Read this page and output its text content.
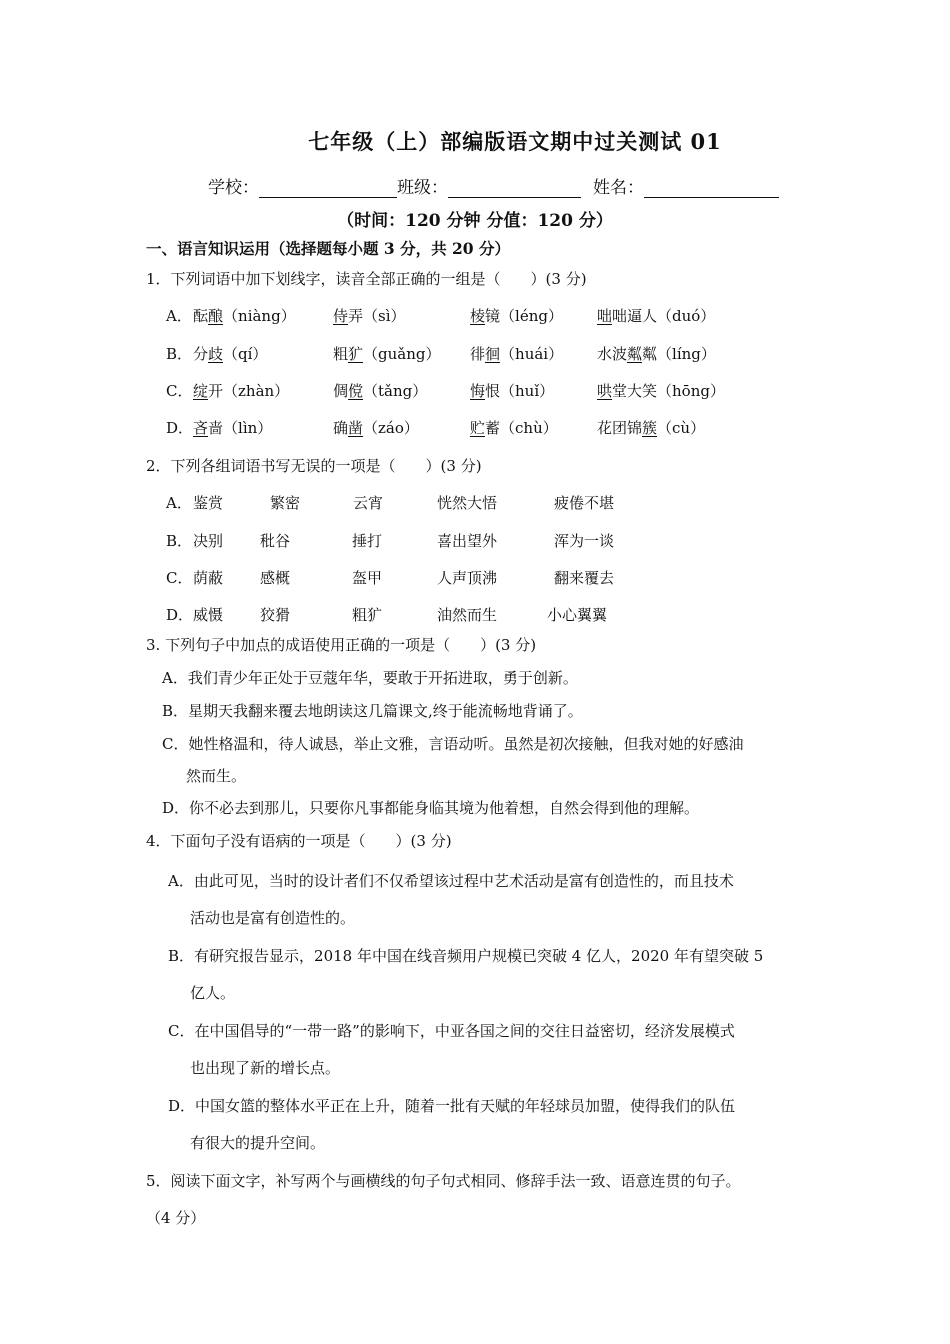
七年级（上）部编版语文期中过关测试 01
学校：	班级：	姓名：
（时间：120 分钟 分值：120 分）
一、语言知识运用（选择题每小题 3 分，共 20 分）
1．下列词语中加下划线字，读音全部正确的一组是（　　）(3 分)
A． 酝酿（niàng） 侍弄（sì）	棱镜（léng） 咄咄逼人（duó）
B． 分歧（qí）	粗犷（guǎng） 徘徊（huái） 水波粼粼（líng）
C． 绽开（zhàn）	倜傥（tǎng）	悔恨（huǐ）	哄堂大笑（hōng）
D． 吝啬（lìn）	确凿（záo）	贮蓄（chù）	花团锦簇（cù）
2．下列各组词语书写无误的一项是（　　）(3 分)
A． 鉴赏	繁密	云宵	恍然大悟	疲倦不堪
B． 决别 秕谷	捶打	喜出望外	浑为一谈
C． 荫蔽 感概	盔甲	人声顶沸	翻来覆去
D． 威慑 狡猾	粗犷	油然而生	小心翼翼
3. 下列句子中加点的成语使用正确的一项是（　　）(3 分)
A．我们青少年正处于豆蔻年华，要敢于开拓进取，勇于创新。
B．星期天我翻来覆去地朗读这几篇课文,终于能流畅地背诵了。
C．她性格温和，待人诚恳，举止文雅，言语动听。虽然是初次接触，但我对她的好感油
然而生。
D．你不必去到那儿，只要你凡事都能身临其境为他着想，自然会得到他的理解。
4．下面句子没有语病的一项是（　　）(3 分)
A．由此可见，当时的设计者们不仅希望该过程中艺术活动是富有创造性的，而且技术
活动也是富有创造性的。
B．有研究报告显示，2018 年中国在线音频用户规模已突破 4 亿人，2020 年有望突破 5
亿人。
C．在中国倡导的“一带一路”的影响下，中亚各国之间的交往日益密切，经济发展模式
也出现了新的增长点。
D．中国女篮的整体水平正在上升，随着一批有天赋的年轻球员加盟，使得我们的队伍
有很大的提升空间。
5．阅读下面文字，补写两个与画横线的句子句式相同、修辞手法一致、语意连贯的句子。
（4 分）
